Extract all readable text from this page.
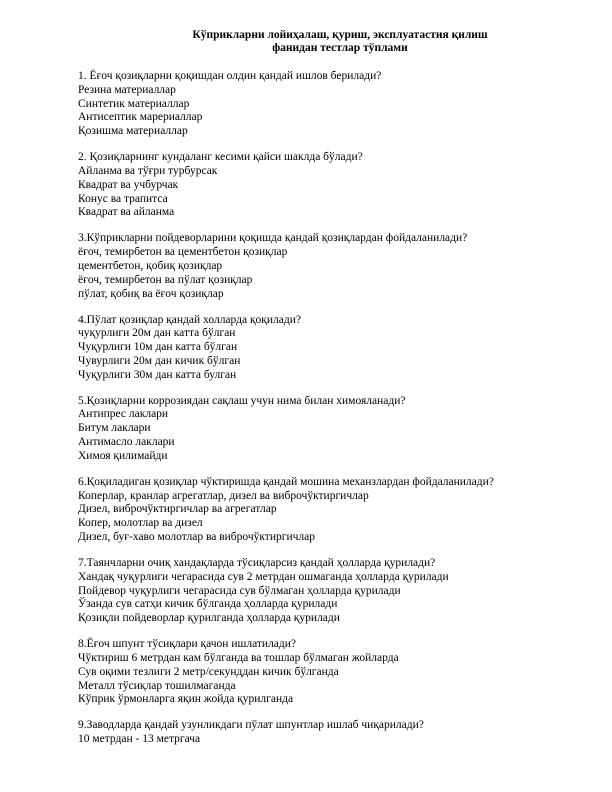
Кўприкларни лойиҳалаш, қуриш, эксплуатастия қилиш
фанидан тестлар тўплами
1. Ёғоч қозиқларни қоқишдан олдин қандай ишлов берилади?
Резина материаллар
Синтетик материаллар
Антисептик марериаллар
Қозишма материаллар
2. Қозиқларнинг кундаланг кесими қайси шаклда бўлади?
Айланма ва тўғри турбурсак
Квадрат ва учбурчак
Конус ва трапитса
Квадрат ва айланма
3.Кўприкларни пойдеворларини қоқишда қандай қозиқлардан фойдаланилади?
ёғоч, темирбетон ва цементбетон қозиқлар
цементбетон, қобиқ қозиқлар
ёғоч, темирбетон ва пўлат қозиқлар
пўлат, қобиқ ва ёғоч қозиқлар
4.Пўлат қозиқлар қандай холларда қоқилади?
чуқурлиги 20м дан катта бўлган
Чуқурлиги 10м дан катта бўлган
Чувурлиги 20м дан кичик бўлган
Чуқурлиги 30м дан катта булган
5.Қозиқларни коррозиядан сақлаш учун нима билан химояланади?
Антипрес лаклари
Битум лаклари
Антимасло лаклари
Химоя қилимайди
6.Қоқиладиган қозиқлар чўктиришда қандай мошина механзлардан фойдаланилади?
Коперлар, кранлар агрегатлар, дизел ва виброчўктиргичлар
Дизел, виброчўктиргичлар ва агрегатлар
Копер, молотлар ва дизел
Дизел, буғ-хаво молотлар ва виброчўктиргичлар
7.Таянчларни очиқ хандақларда тўсиқларсиз қандай ҳолларда қурилади?
Хандақ чуқурлиги чегарасида сув 2 метрдан ошмаганда ҳолларда қурилади
Пойдевор чуқурлиги чегарасида сув бўлмаган ҳолларда қурилади
Ўзанда сув сатҳи кичик бўлганда ҳолларда қурилади
Қозиқли пойдеворлар қурилганда ҳолларда қурилади
8.Ёғоч шпунт тўсиқлари қачон ишлатилади?
Чўктириш 6 метрдан кам бўлганда ва тошлар бўлмаган жойларда
Сув оқими тезлиги 2 метр/секунддан кичик бўлганда
Металл тўсиқлар тошилмаганда
Кўприк ўрмонларга яқин жойда қурилганда
9.Заводларда қандай узунликдаги пўлат шпунтлар ишлаб чиқарилади?
10 метрдан - 13 метргача
